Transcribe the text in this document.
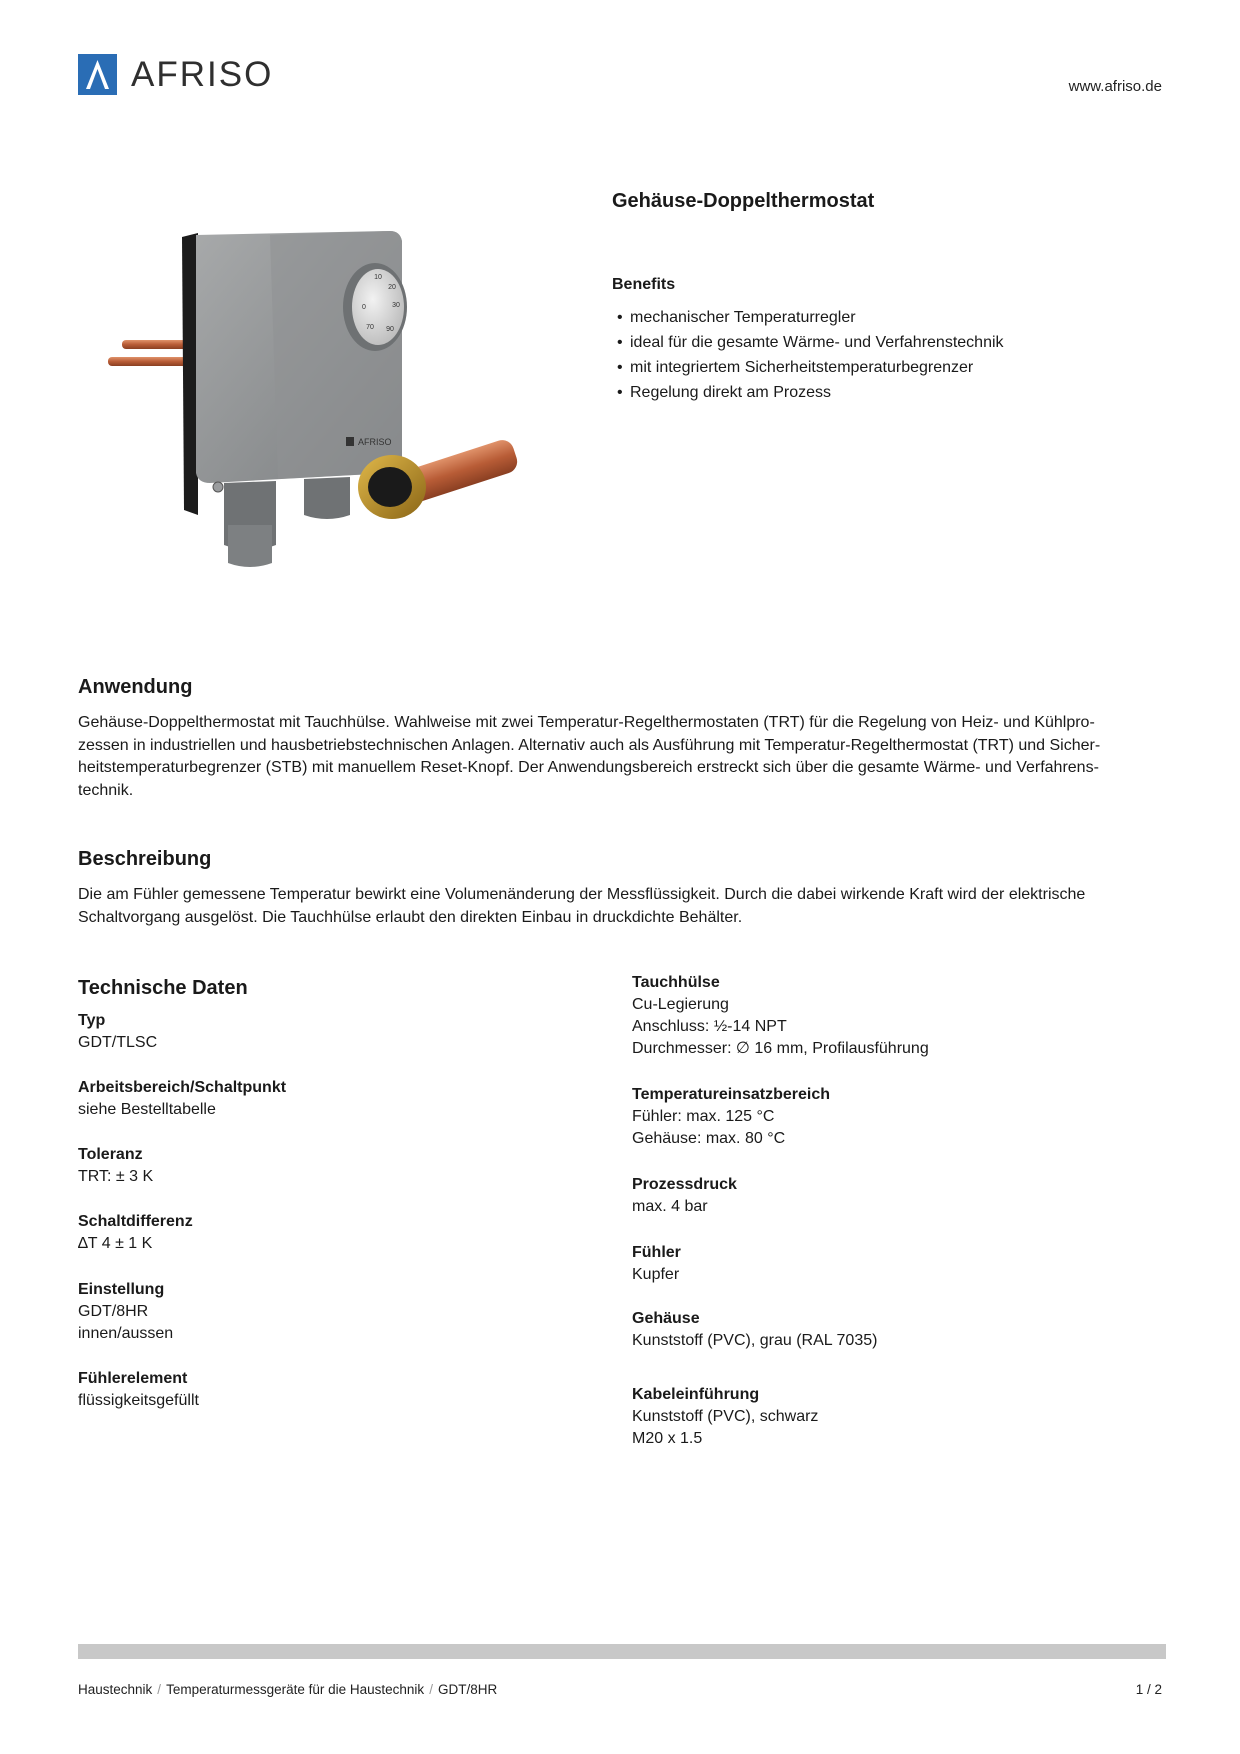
AFRISO	www.afriso.de
10
20
30
0
70 90
AFRISO
Gehäuse-Doppelthermostat
Benefits
• mechanischer Temperaturregler
• ideal für die gesamte Wärme- und Verfahrenstechnik
• mit integriertem Sicherheitstemperaturbegrenzer
• Regelung direkt am Prozess
Anwendung
Gehäuse-Doppelthermostat mit Tauchhülse. Wahlweise mit zwei Temperatur-Regelthermostaten (TRT) für die Regelung von Heiz- und Kühlpro-
zessen in industriellen und hausbetriebstechnischen Anlagen. Alternativ auch als Ausführung mit Temperatur-Regelthermostat (TRT) und Sicher-
heitstemperaturbegrenzer (STB) mit manuellem Reset-Knopf. Der Anwendungsbereich erstreckt sich über die gesamte Wärme- und Verfahrens-
technik.
Beschreibung
Die am Fühler gemessene Temperatur bewirkt eine Volumenänderung der Messflüssigkeit. Durch die dabei wirkende Kraft wird der elektrische
Schaltvorgang ausgelöst. Die Tauchhülse erlaubt den direkten Einbau in druckdichte Behälter.
Technische Daten
Typ
GDT/TLSC
Arbeitsbereich/Schaltpunkt
siehe Bestelltabelle
Toleranz
TRT: ± 3 K
Schaltdifferenz
∆T 4 ± 1 K
Einstellung
GDT/8HR
innen/aussen
Fühlerelement
flüssigkeitsgefüllt
Tauchhülse
Cu-Legierung
Anschluss: ½-14 NPT
Durchmesser: ∅ 16 mm, Profilausführung
Temperatureinsatzbereich
Fühler: max. 125 °C
Gehäuse: max. 80 °C
Prozessdruck
max. 4 bar
Fühler
Kupfer
Gehäuse
Kunststoff (PVC), grau (RAL 7035)
Kabeleinführung
Kunststoff (PVC), schwarz
M20 x 1.5
Haustechnik / Temperaturmessgeräte für die Haustechnik / GDT/8HR	1 / 2
